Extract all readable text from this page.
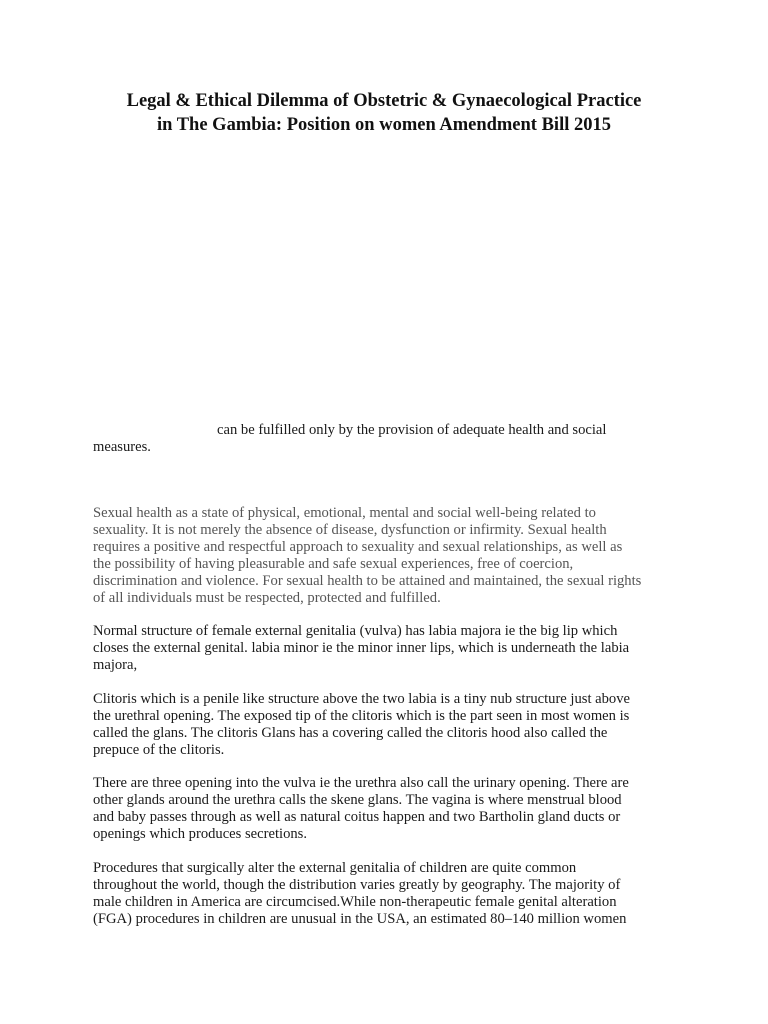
Legal & Ethical Dilemma of Obstetric & Gynaecological Practice
in The Gambia: Position on women Amendment Bill 2015

can be fulfilled only by the provision of adequate health and social
measures.

Sexual health as a state of physical, emotional, mental and social well-being related to
sexuality. It is not merely the absence of disease, dysfunction or infirmity. Sexual health
requires a positive and respectful approach to sexuality and sexual relationships, as well as
the possibility of having pleasurable and safe sexual experiences, free of coercion,
discrimination and violence. For sexual health to be attained and maintained, the sexual rights
of all individuals must be respected, protected and fulfilled.

Normal structure of female external genitalia (vulva) has labia majora ie the big lip which
closes the external genital. labia minor ie the minor inner lips, which is underneath the labia
majora,

Clitoris which is a penile like structure above the two labia is a tiny nub structure just above
the urethral opening. The exposed tip of the clitoris which is the part seen in most women is
called the glans. The clitoris Glans has a covering called the clitoris hood also called the
prepuce of the clitoris.

There are three opening into the vulva ie the urethra also call the urinary opening. There are
other glands around the urethra calls the skene glans. The vagina is where menstrual blood
and baby passes through as well as natural coitus happen and two Bartholin gland ducts or
openings which produces secretions.

Procedures that surgically alter the external genitalia of children are quite common
throughout the world, though the distribution varies greatly by geography. The majority of
male children in America are circumcised.While non-therapeutic female genital alteration
(FGA) procedures in children are unusual in the USA, an estimated 80–140 million women
